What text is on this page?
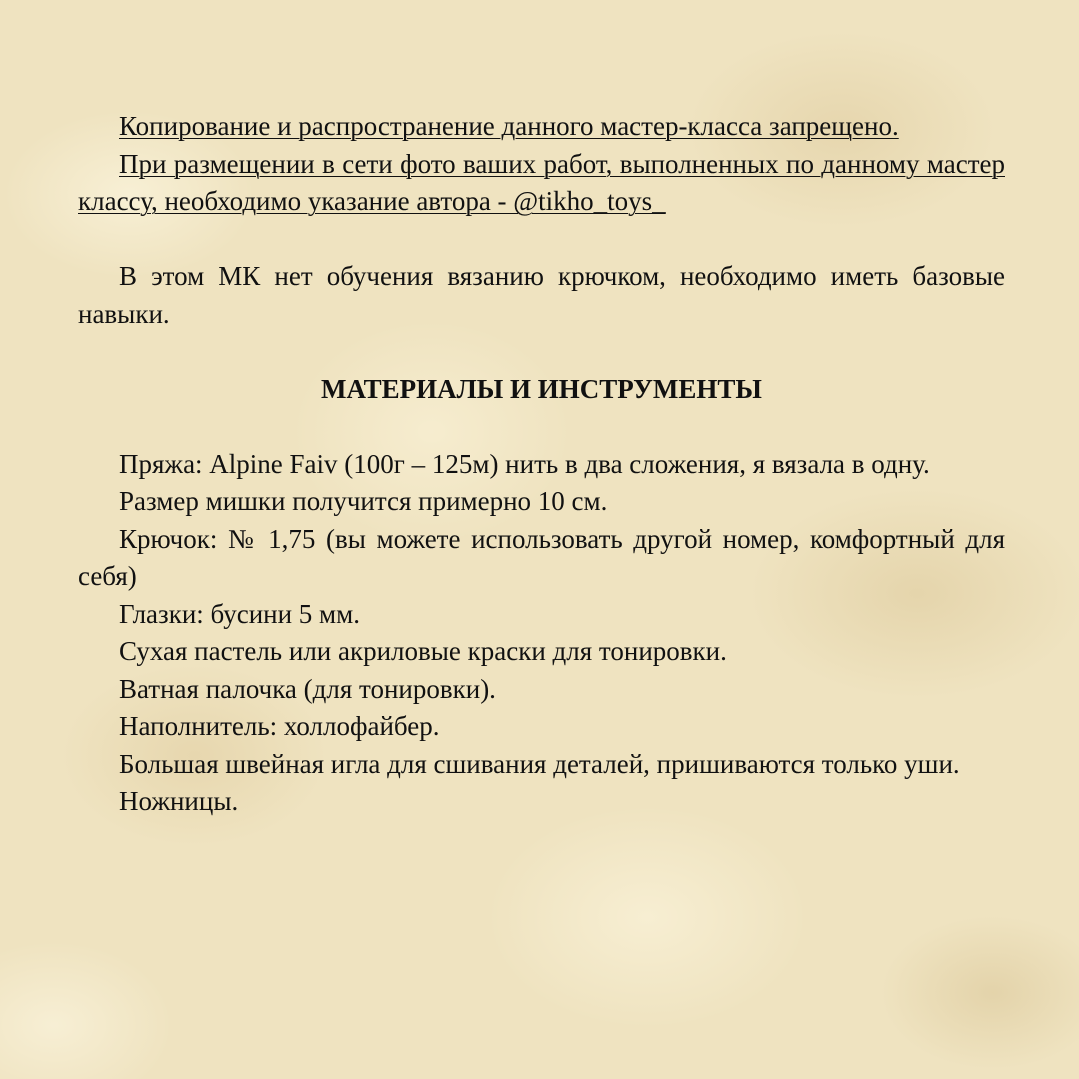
Копирование и распространение данного мастер-класса запрещено.

При размещении в сети фото ваших работ, выполненных по данному мастер классу, необходимо указание автора - @tikho_toys_

В этом МК нет обучения вязанию крючком, необходимо иметь базовые навыки.

МАТЕРИАЛЫ И ИНСТРУМЕНТЫ

Пряжа: Alpine Faiv (100г – 125м) нить в два сложения, я вязала в одну.

Размер мишки получится примерно 10 см.

Крючок: № 1,75 (вы можете использовать другой номер, комфортный для себя)

Глазки: бусини 5 мм.

Сухая пастель или акриловые краски для тонировки.

Ватная палочка (для тонировки).

Наполнитель: холлофайбер.

Большая швейная игла для сшивания деталей, пришиваются только уши.

Ножницы.
